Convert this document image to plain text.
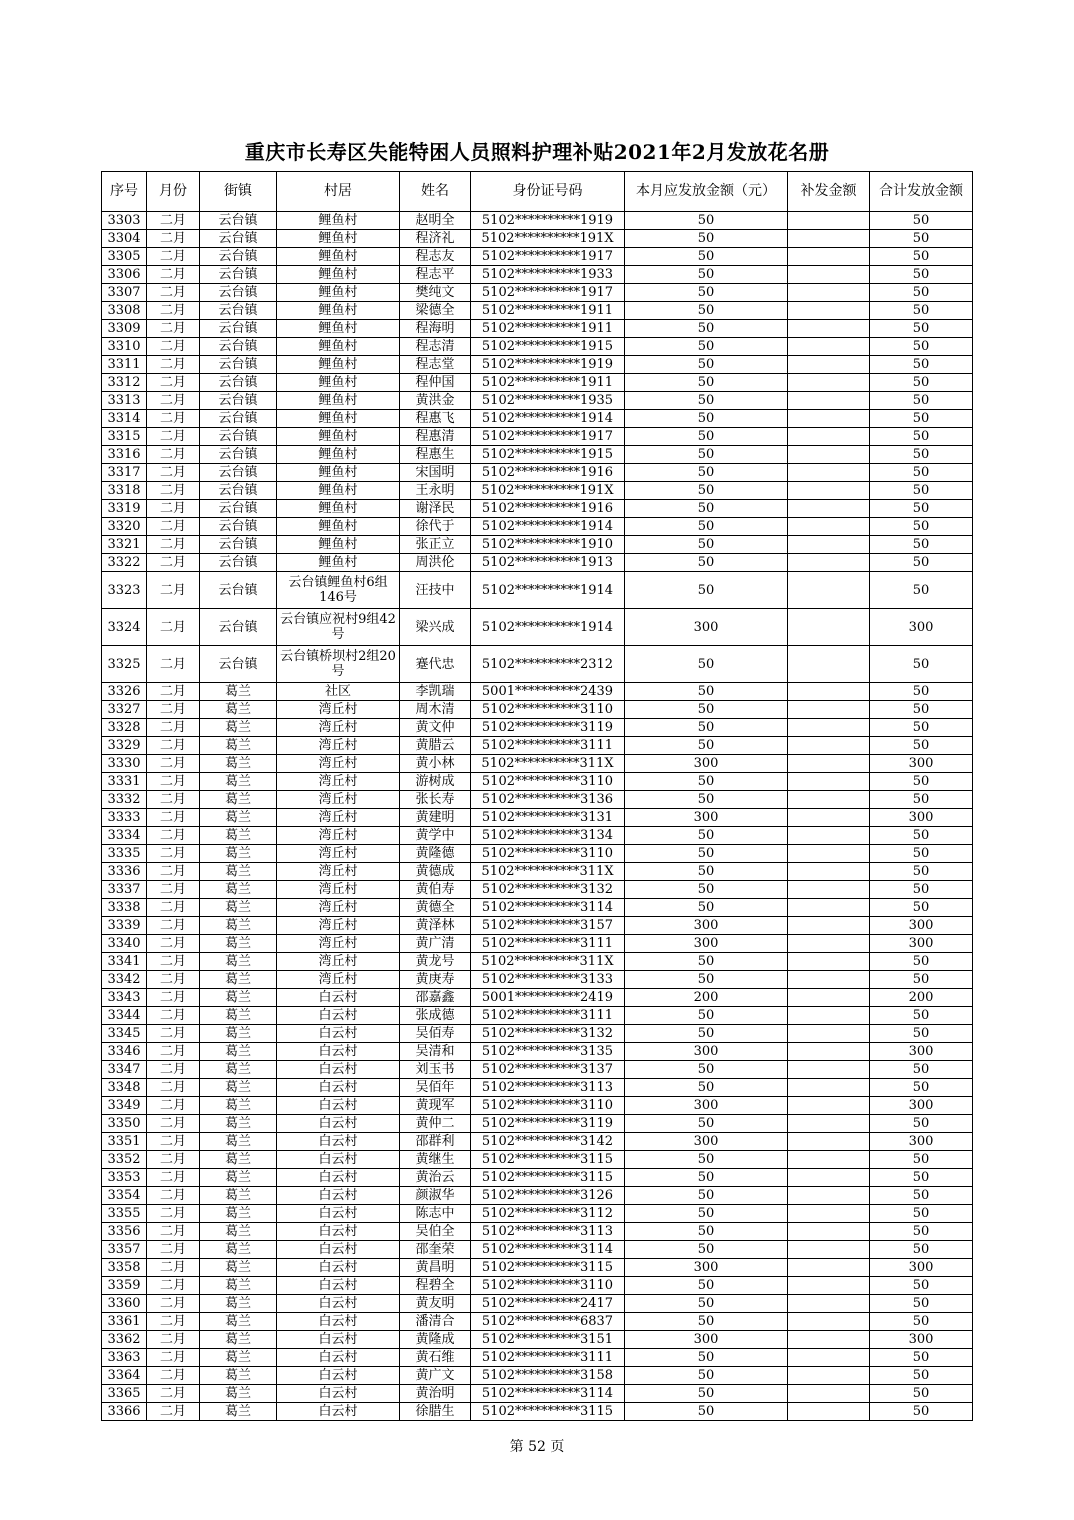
重庆市长寿区失能特困人员照料护理补贴2021年2月发放花名册
序号	月份	街镇	村居	姓名	身份证号码	本月应发放金额（元）	补发金额	合计发放金额
3303	二月	云台镇	鲤鱼村	赵明全	5102**********1919	50		50
3304	二月	云台镇	鲤鱼村	程济礼	5102**********191X	50		50
3305	二月	云台镇	鲤鱼村	程志友	5102**********1917	50		50
3306	二月	云台镇	鲤鱼村	程志平	5102**********1933	50		50
3307	二月	云台镇	鲤鱼村	樊纯文	5102**********1917	50		50
3308	二月	云台镇	鲤鱼村	梁德全	5102**********1911	50		50
3309	二月	云台镇	鲤鱼村	程海明	5102**********1911	50		50
3310	二月	云台镇	鲤鱼村	程志清	5102**********1915	50		50
3311	二月	云台镇	鲤鱼村	程志堂	5102**********1919	50		50
3312	二月	云台镇	鲤鱼村	程仲国	5102**********1911	50		50
3313	二月	云台镇	鲤鱼村	黄洪金	5102**********1935	50		50
3314	二月	云台镇	鲤鱼村	程惠飞	5102**********1914	50		50
3315	二月	云台镇	鲤鱼村	程惠清	5102**********1917	50		50
3316	二月	云台镇	鲤鱼村	程惠生	5102**********1915	50		50
3317	二月	云台镇	鲤鱼村	宋国明	5102**********1916	50		50
3318	二月	云台镇	鲤鱼村	王永明	5102**********191X	50		50
3319	二月	云台镇	鲤鱼村	谢泽民	5102**********1916	50		50
3320	二月	云台镇	鲤鱼村	徐代于	5102**********1914	50		50
3321	二月	云台镇	鲤鱼村	张正立	5102**********1910	50		50
3322	二月	云台镇	鲤鱼村	周洪伦	5102**********1913	50		50
3323	二月	云台镇	云台镇鲤鱼村6组146号	汪技中	5102**********1914	50		50
3324	二月	云台镇	云台镇应祝村9组42号	梁兴成	5102**********1914	300		300
3325	二月	云台镇	云台镇桥坝村2组20号	蹇代忠	5102**********2312	50		50
3326	二月	葛兰	社区	李凯瑞	5001**********2439	50		50
3327	二月	葛兰	湾丘村	周木清	5102**********3110	50		50
3328	二月	葛兰	湾丘村	黄文仲	5102**********3119	50		50
3329	二月	葛兰	湾丘村	黄腊云	5102**********3111	50		50
3330	二月	葛兰	湾丘村	黄小林	5102**********311X	300		300
3331	二月	葛兰	湾丘村	游树成	5102**********3110	50		50
3332	二月	葛兰	湾丘村	张长寿	5102**********3136	50		50
3333	二月	葛兰	湾丘村	黄建明	5102**********3131	300		300
3334	二月	葛兰	湾丘村	黄学中	5102**********3134	50		50
3335	二月	葛兰	湾丘村	黄隆德	5102**********3110	50		50
3336	二月	葛兰	湾丘村	黄德成	5102**********311X	50		50
3337	二月	葛兰	湾丘村	黄伯寿	5102**********3132	50		50
3338	二月	葛兰	湾丘村	黄德全	5102**********3114	50		50
3339	二月	葛兰	湾丘村	黄泽林	5102**********3157	300		300
3340	二月	葛兰	湾丘村	黄广清	5102**********3111	300		300
3341	二月	葛兰	湾丘村	黄龙号	5102**********311X	50		50
3342	二月	葛兰	湾丘村	黄庚寿	5102**********3133	50		50
3343	二月	葛兰	白云村	邵嘉鑫	5001**********2419	200		200
3344	二月	葛兰	白云村	张成德	5102**********3111	50		50
3345	二月	葛兰	白云村	吴佰寿	5102**********3132	50		50
3346	二月	葛兰	白云村	吴清和	5102**********3135	300		300
3347	二月	葛兰	白云村	刘玉书	5102**********3137	50		50
3348	二月	葛兰	白云村	吴佰年	5102**********3113	50		50
3349	二月	葛兰	白云村	黄现军	5102**********3110	300		300
3350	二月	葛兰	白云村	黄仲二	5102**********3119	50		50
3351	二月	葛兰	白云村	邵群利	5102**********3142	300		300
3352	二月	葛兰	白云村	黄继生	5102**********3115	50		50
3353	二月	葛兰	白云村	黄治云	5102**********3115	50		50
3354	二月	葛兰	白云村	颜淑华	5102**********3126	50		50
3355	二月	葛兰	白云村	陈志中	5102**********3112	50		50
3356	二月	葛兰	白云村	吴伯全	5102**********3113	50		50
3357	二月	葛兰	白云村	邵奎荣	5102**********3114	50		50
3358	二月	葛兰	白云村	黄昌明	5102**********3115	300		300
3359	二月	葛兰	白云村	程碧全	5102**********3110	50		50
3360	二月	葛兰	白云村	黄友明	5102**********2417	50		50
3361	二月	葛兰	白云村	潘清合	5102**********6837	50		50
3362	二月	葛兰	白云村	黄隆成	5102**********3151	300		300
3363	二月	葛兰	白云村	黄石维	5102**********3111	50		50
3364	二月	葛兰	白云村	黄广文	5102**********3158	50		50
3365	二月	葛兰	白云村	黄治明	5102**********3114	50		50
3366	二月	葛兰	白云村	徐腊生	5102**********3115	50		50
第 52 页
